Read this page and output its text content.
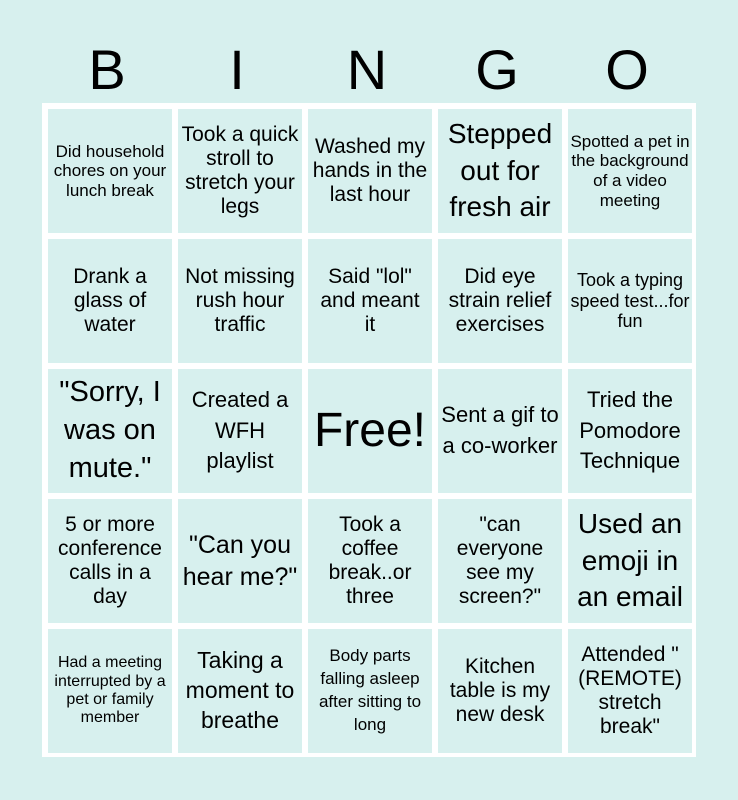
B	I	N	G	O
Did household chores on your lunch break
Took a quick stroll to stretch your legs
Washed my hands in the last hour
Stepped out for fresh air
Spotted a pet in the background of a video meeting
Drank a glass of water
Not missing rush hour traffic
Said "lol" and meant it
Did eye strain relief exercises
Took a typing speed test...for fun
"Sorry, I was on mute."
Created a WFH playlist
Free! Sent a gif to a co-worker
Tried the Pomodore Technique
5 or more conference calls in a day
"Can you hear me?"
Took a coffee break..or three
"can everyone see my screen?"
Used an emoji in an email
Had a meeting interrupted by a pet or family member
Taking a moment to breathe
Body parts falling asleep after sitting to long
Kitchen table is my new desk
Attended "(REMOTE) stretch break"
